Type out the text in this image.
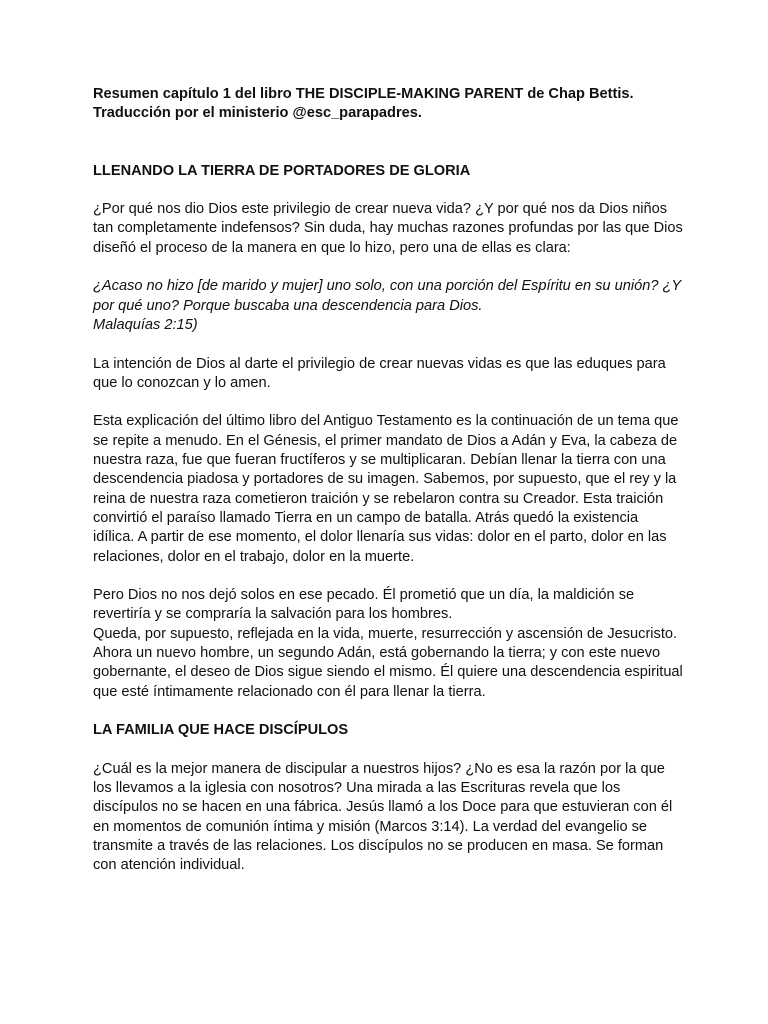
Resumen capítulo 1 del libro THE DISCIPLE-MAKING PARENT de Chap Bettis.
Traducción por el ministerio @esc_parapadres.
LLENANDO LA TIERRA DE PORTADORES DE GLORIA

¿Por qué nos dio Dios este privilegio de crear nueva vida? ¿Y por qué nos da Dios niños tan completamente indefensos? Sin duda, hay muchas razones profundas por las que Dios diseñó el proceso de la manera en que lo hizo, pero una de ellas es clara:

¿Acaso no hizo [de marido y mujer] uno solo, con una porción del Espíritu en su unión? ¿Y por qué uno? Porque buscaba una descendencia para Dios.
Malaquías 2:15)

La intención de Dios al darte el privilegio de crear nuevas vidas es que las eduques para que lo conozcan y lo amen.

Esta explicación del último libro del Antiguo Testamento es la continuación de un tema que se repite a menudo. En el Génesis, el primer mandato de Dios a Adán y Eva, la cabeza de nuestra raza, fue que fueran fructíferos y se multiplicaran. Debían llenar la tierra con una descendencia piadosa y portadores de su imagen. Sabemos, por supuesto, que el rey y la reina de nuestra raza cometieron traición y se rebelaron contra su Creador. Esta traición convirtió el paraíso llamado Tierra en un campo de batalla. Atrás quedó la existencia idílica. A partir de ese momento, el dolor llenaría sus vidas: dolor en el parto, dolor en las relaciones, dolor en el trabajo, dolor en la muerte.

Pero Dios no nos dejó solos en ese pecado. Él prometió que un día, la maldición se revertiría y se compraría la salvación para los hombres.
Queda, por supuesto, reflejada en la vida, muerte, resurrección y ascensión de Jesucristo. Ahora un nuevo hombre, un segundo Adán, está gobernando la tierra; y con este nuevo gobernante, el deseo de Dios sigue siendo el mismo. Él quiere una descendencia espiritual que esté íntimamente relacionado con él para llenar la tierra.
LA FAMILIA QUE HACE DISCÍPULOS

¿Cuál es la mejor manera de discipular a nuestros hijos? ¿No es esa la razón por la que los llevamos a la iglesia con nosotros? Una mirada a las Escrituras revela que los discípulos no se hacen en una fábrica. Jesús llamó a los Doce para que estuvieran con él en momentos de comunión íntima y misión (Marcos 3:14). La verdad del evangelio se transmite a través de las relaciones. Los discípulos no se producen en masa. Se forman con atención individual.
